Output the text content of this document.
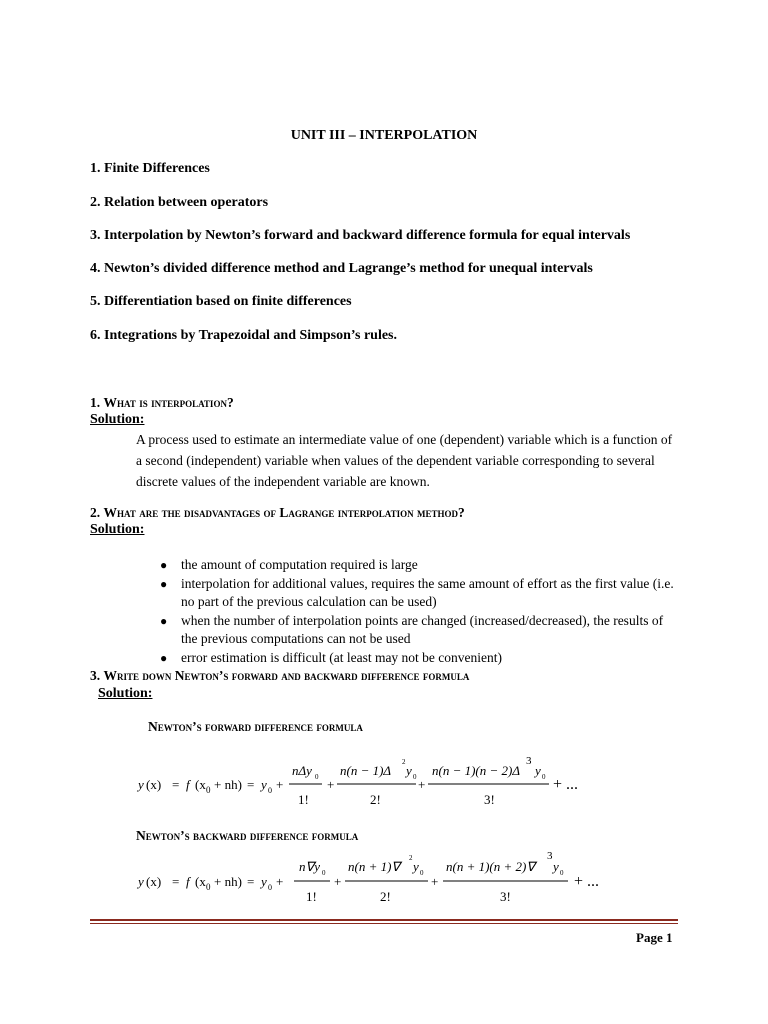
UNIT III – INTERPOLATION
1. Finite Differences
2. Relation between operators
3. Interpolation by Newton’s forward and backward difference formula for equal intervals
4. Newton’s divided difference method and Lagrange’s method for unequal intervals
5. Differentiation based on finite differences
6. Integrations by Trapezoidal and Simpson’s rules.
1. What is interpolation?
Solution:
A process used to estimate an intermediate value of one (dependent) variable which is a function of a second (independent) variable when values of the dependent variable corresponding to several discrete values of the independent variable are known.
2. What are the disadvantages of Lagrange interpolation method?
Solution:
● the amount of computation required is large
● interpolation for additional values, requires the same amount of effort as the first value (i.e. no part of the previous calculation can be used)
● when the number of interpolation points are changed (increased/decreased), the results of the previous computations can not be used
● error estimation is difficult (at least may not be convenient)
3. Write down Newton’s forward and backward difference formula
Solution:
Newton’s forward difference formula
y (x) = f (x 0 + nh) = y 0 +
nΔy 0
1!
+
n(n − 1)Δ
2
y 0
2!
+
n(n − 1)(n − 2)Δ
3
y 0
3!
+ ...
Newton’s backward difference formula
y (x) = f (x 0 + nh) = y 0 +
n∇y 0
1!
+
n(n + 1)∇
2
y 0
2!
+
n(n + 1)(n + 2)∇
3
y 0
3!
+ ...
Page 1
